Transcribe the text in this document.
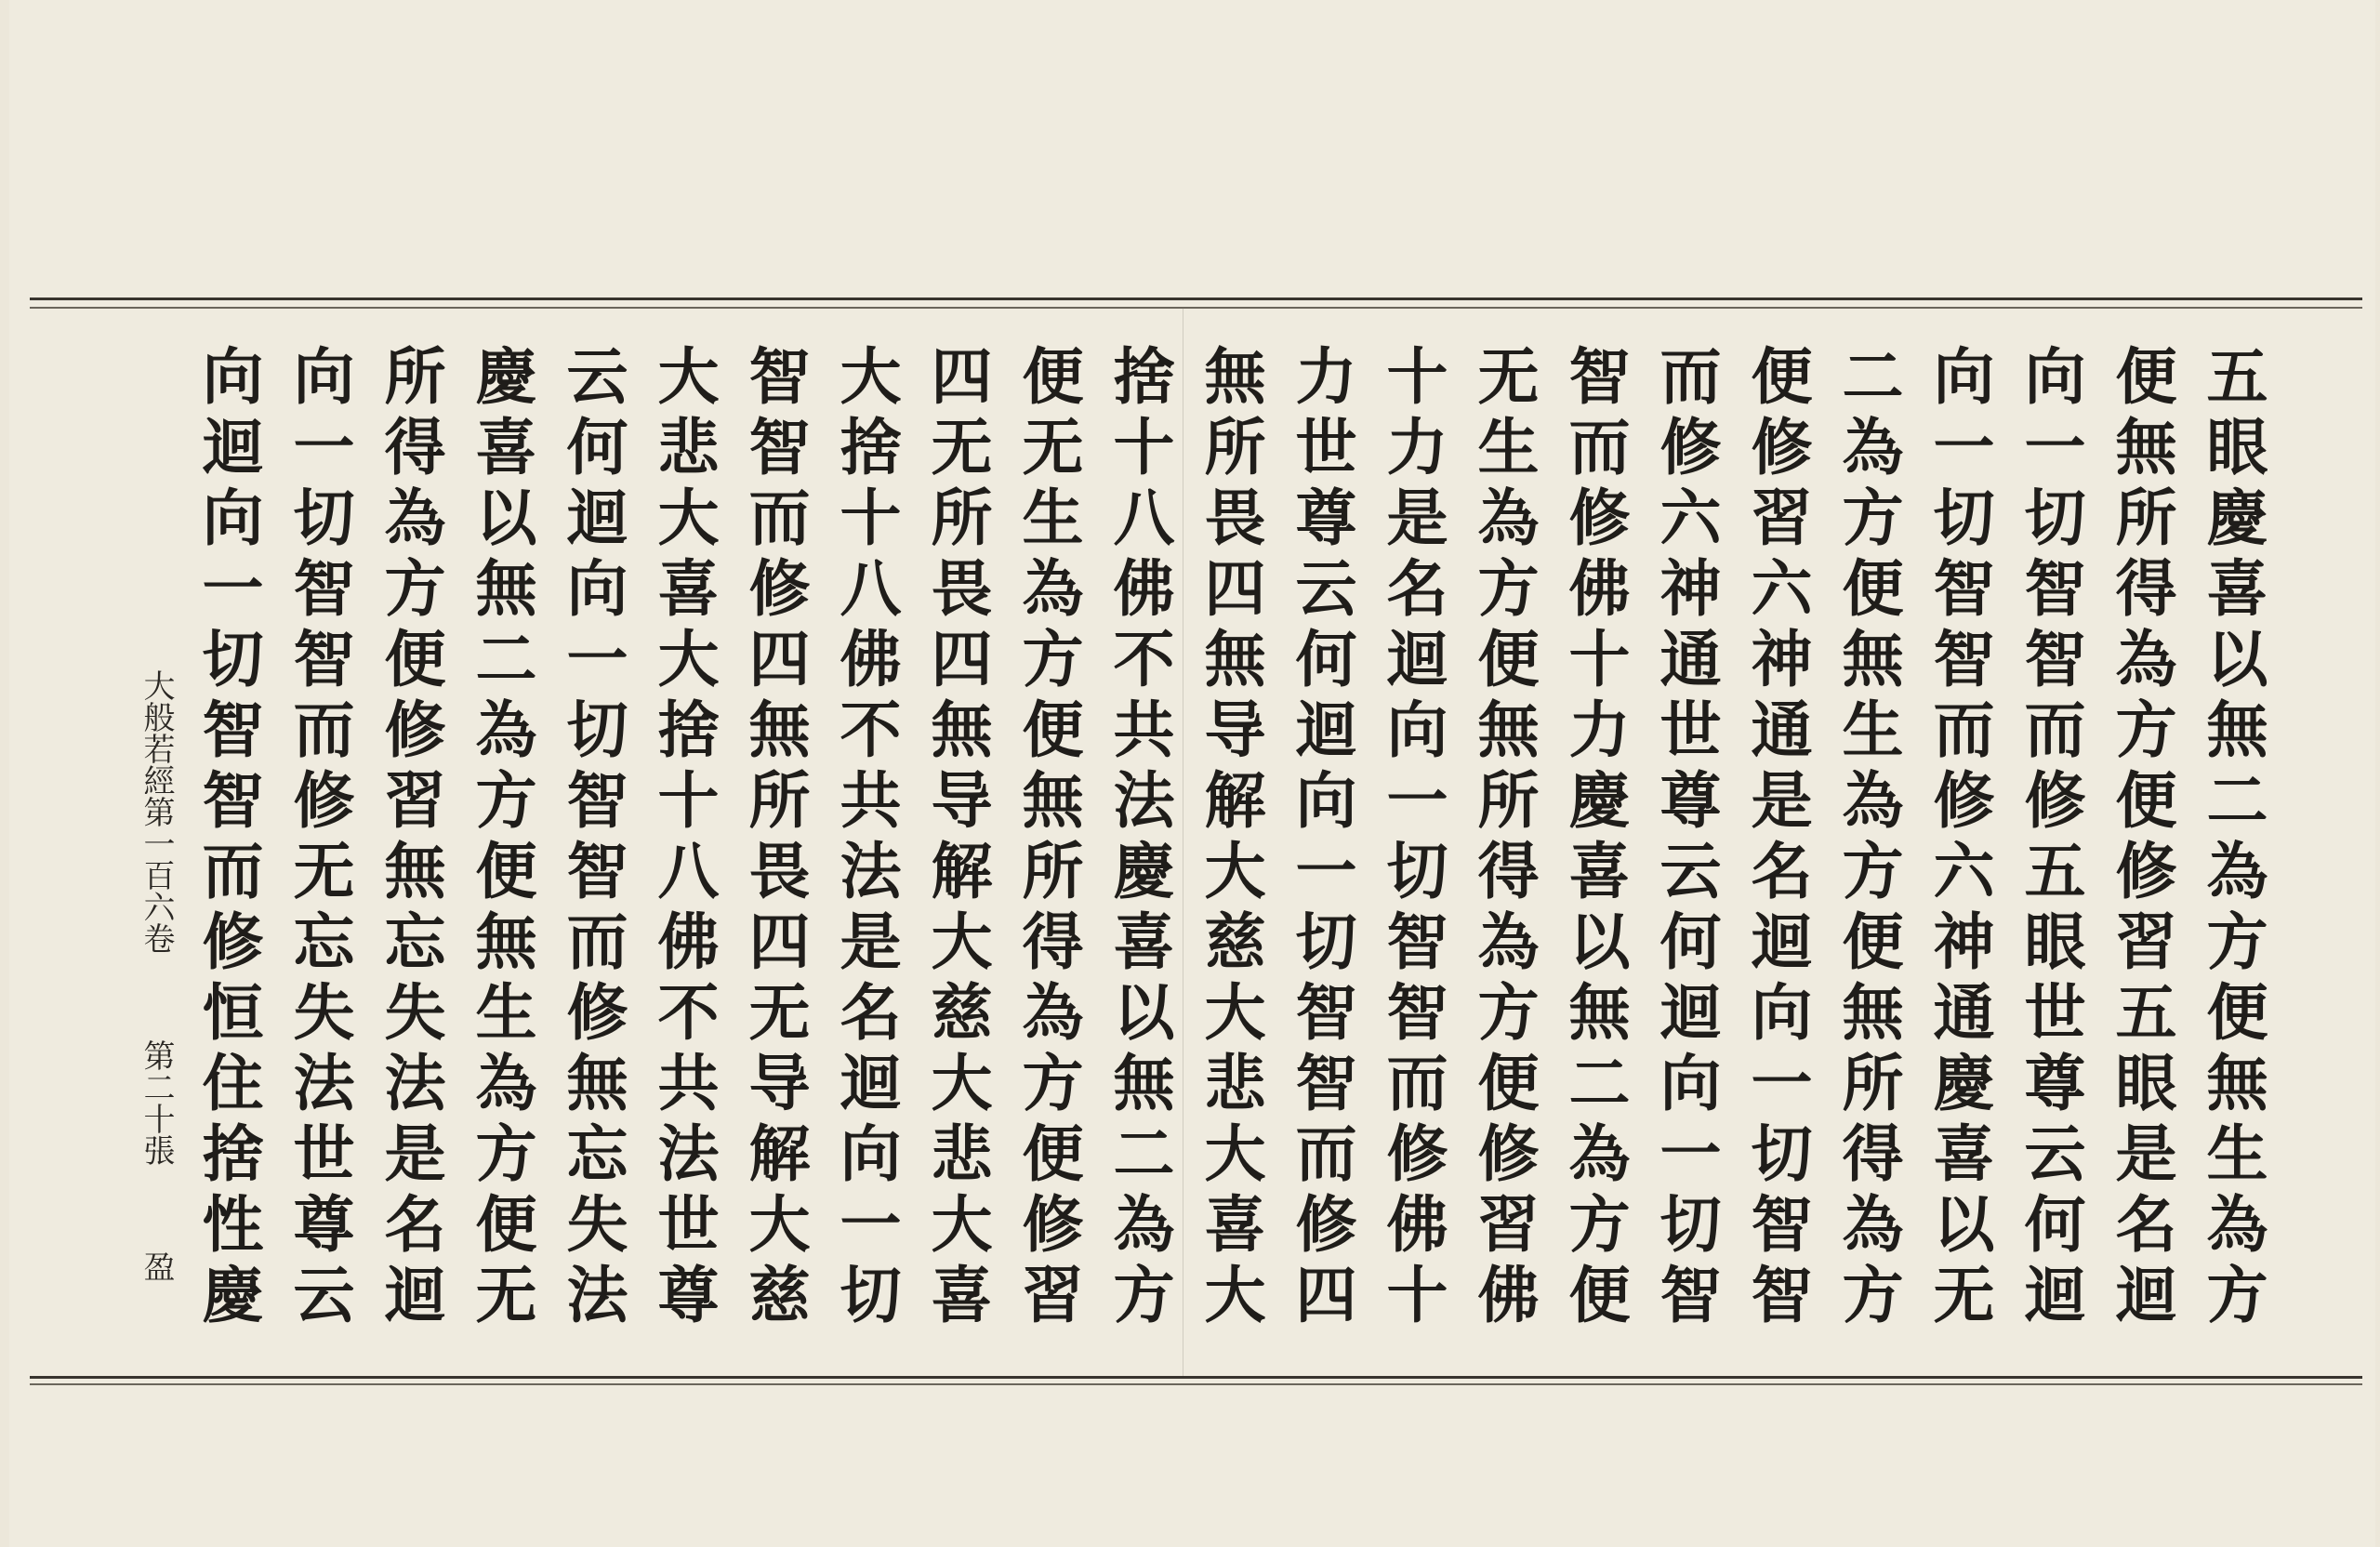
五眼慶喜以無二為方便無生為方
便無所得為方便修習五眼是名迴
向一切智智而修五眼世尊云何迴
向一切智智而修六神通慶喜以无
二為方便無生為方便無所得為方
便修習六神通是名迴向一切智智
而修六神通世尊云何迴向一切智
智而修佛十力慶喜以無二為方便
无生為方便無所得為方便修習佛
十力是名迴向一切智智而修佛十
力世尊云何迴向一切智智而修四
無所畏四無导解大慈大悲大喜大
捨十八佛不共法慶喜以無二為方
便无生為方便無所得為方便修習
四无所畏四無导解大慈大悲大喜
大捨十八佛不共法是名迴向一切
智智而修四無所畏四无导解大慈
大悲大喜大捨十八佛不共法世尊
云何迴向一切智智而修無忘失法
慶喜以無二為方便無生為方便无
所得為方便修習無忘失法是名迴
向一切智智而修无忘失法世尊云
向迴向一切智智而修恒住捨性慶
大般若經第一百六卷  第二十張  盈
